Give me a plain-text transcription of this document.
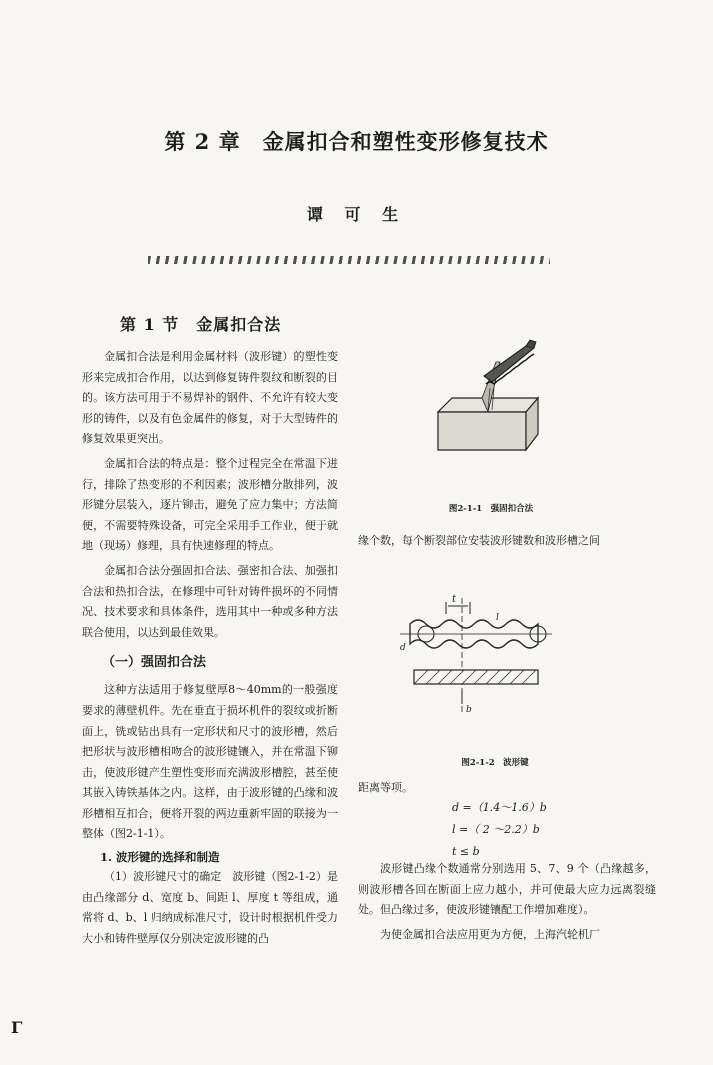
第 2 章　金属扣合和塑性变形修复技术
谭 可 生
第 1 节　金属扣合法

金属扣合法是利用金属材料（波形键）的塑性变形来完成扣合作用，以达到修复铸件裂纹和断裂的目的。该方法可用于不易焊补的钢件、不允许有较大变形的铸件，以及有色金属件的修复，对于大型铸件的修复效果更突出。

金属扣合法的特点是：整个过程完全在常温下进行，排除了热变形的不利因素；波形槽分散排列，波形键分层装入，逐片铆击，避免了应力集中；方法简便，不需要特殊设备，可完全采用手工作业，便于就地（现场）修理，具有快速修理的特点。

金属扣合法分强固扣合法、强密扣合法、加强扣合法和热扣合法，在修理中可针对铸件损坏的不同情况、技术要求和具体条件，选用其中一种或多种方法联合使用，以达到最佳效果。

（一）强固扣合法

这种方法适用于修复壁厚8～40mm的一般强度要求的薄壁机件。先在垂直于损坏机件的裂纹或折断面上，铣或钻出具有一定形状和尺寸的波形槽，然后把形状与波形槽相吻合的波形键镶入，并在常温下铆击，使波形键产生塑性变形而充满波形槽腔，甚至使其嵌入铸铁基体之内。这样，由于波形键的凸缘和波形槽相互扣合，便将开裂的两边重新牢固的联接为一整体（图2-1-1）。

1. 波形键的选择和制造

（1）波形键尺寸的确定　波形键（图2-1-2）是由凸缘部分 d、宽度 b、间距 l、厚度 t 等组成，通常将 d、b、l 归纳成标准尺寸，设计时根据机件受力大小和铸件壁厚仅分别决定波形键的凸

图2-1-1　强固扣合法
缘个数，每个断裂部位安装波形键数和波形槽之间
t
d
l
b
图2-1-2　波形键
距离等项。
d =（1.4～1.6）b
l =（ 2 ～2.2）b
t ≤ b

波形键凸缘个数通常分别选用 5、7、9 个（凸缘越多，则波形槽各回在断面上应力越小，并可使最大应力远离裂缝处。但凸缘过多，使波形键镶配工作增加难度）。

为使金属扣合法应用更为方便，上海汽轮机厂

Γ
